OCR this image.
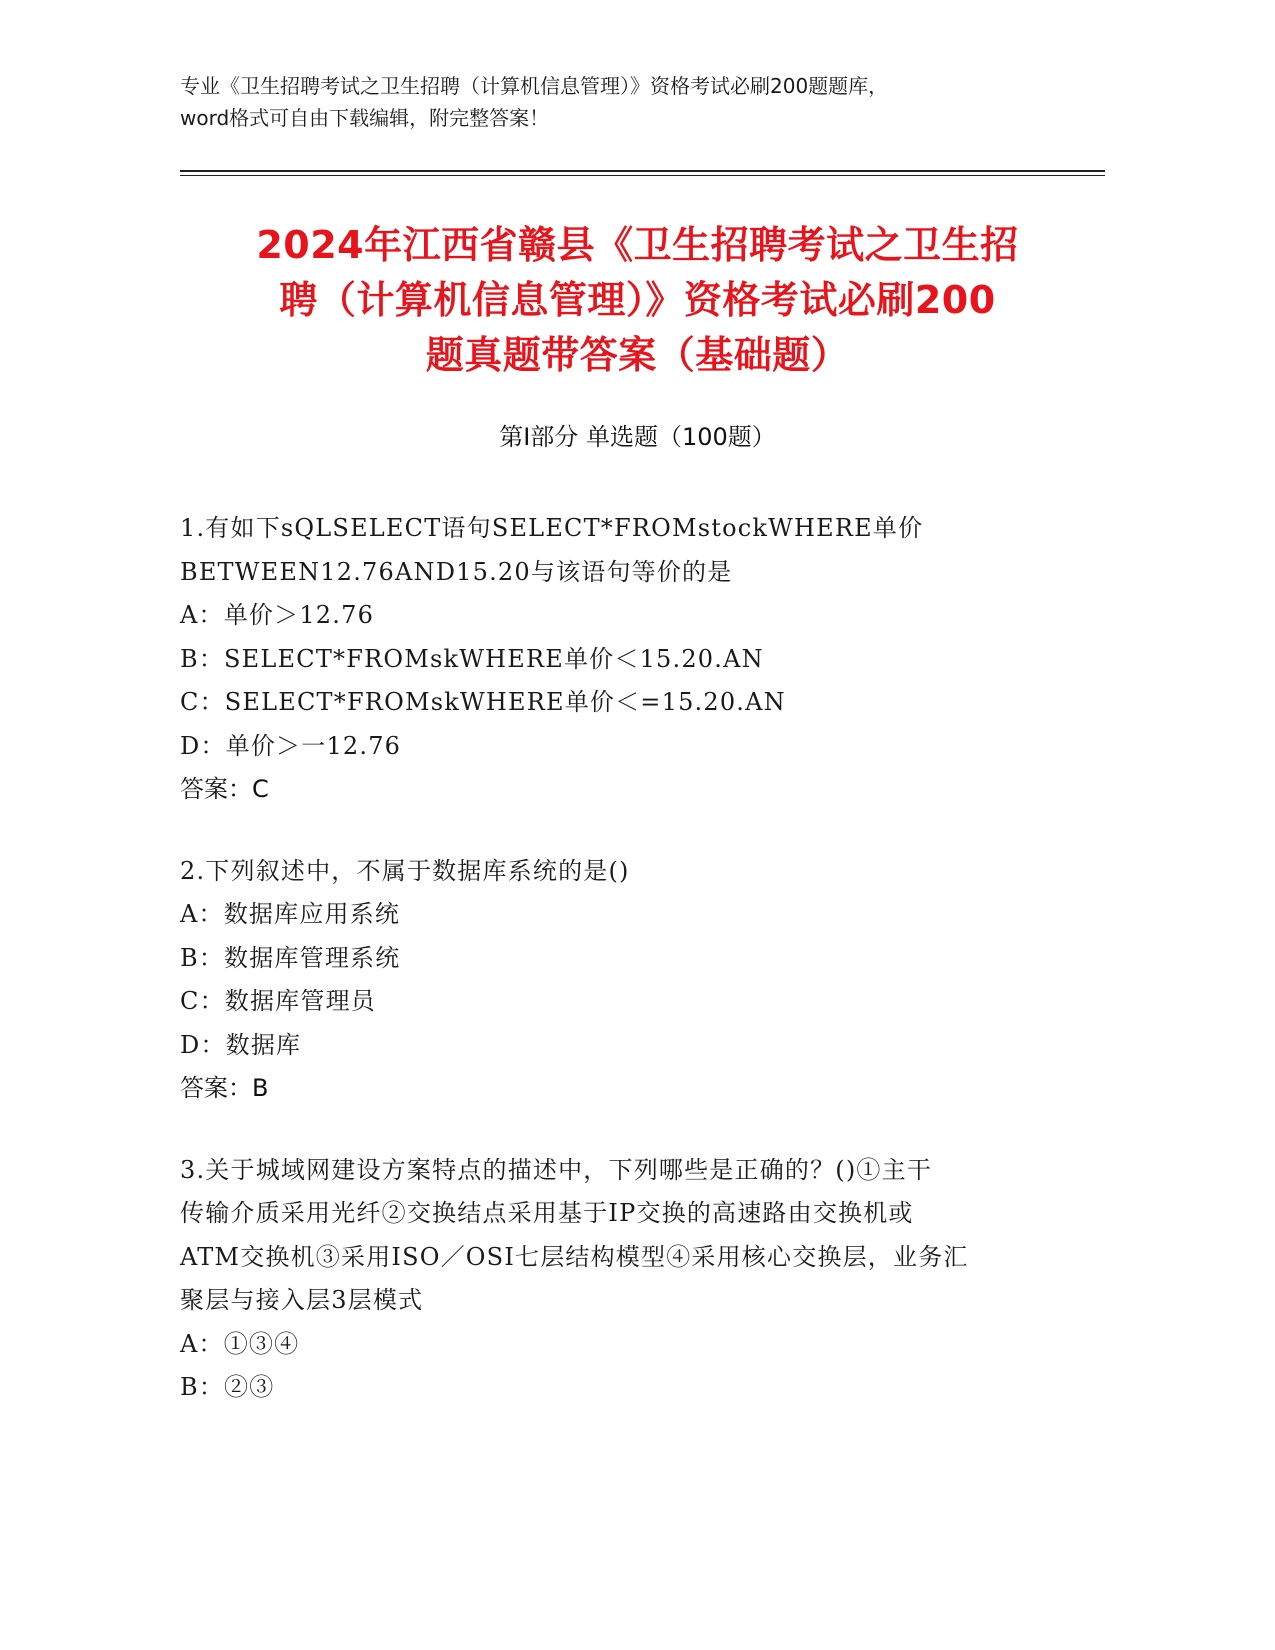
专业《卫生招聘考试之卫生招聘（计算机信息管理）》资格考试必刷200题题库，
word格式可自由下载编辑，附完整答案！
2024年江西省赣县《卫生招聘考试之卫生招
聘（计算机信息管理）》资格考试必刷200
题真题带答案（基础题）
第Ⅰ部分 单选题（100题）
1.有如下sQLSELECT语句SELECT*FROMstockWHERE单价
BETWEEN12.76AND15.20与该语句等价的是
A：单价＞12.76
B：SELECT*FROMskWHERE单价＜15.20.AN
C：SELECT*FROMskWHERE单价＜=15.20.AN
D：单价＞一12.76
答案：C
2.下列叙述中，不属于数据库系统的是()
A：数据库应用系统
B：数据库管理系统
C：数据库管理员
D：数据库
答案：B
3.关于城域网建设方案特点的描述中，下列哪些是正确的？()①主干
传输介质采用光纤②交换结点采用基于IP交换的高速路由交换机或
ATM交换机③采用ISO／OSI七层结构模型④采用核心交换层，业务汇
聚层与接入层3层模式
A：①③④
B：②③
